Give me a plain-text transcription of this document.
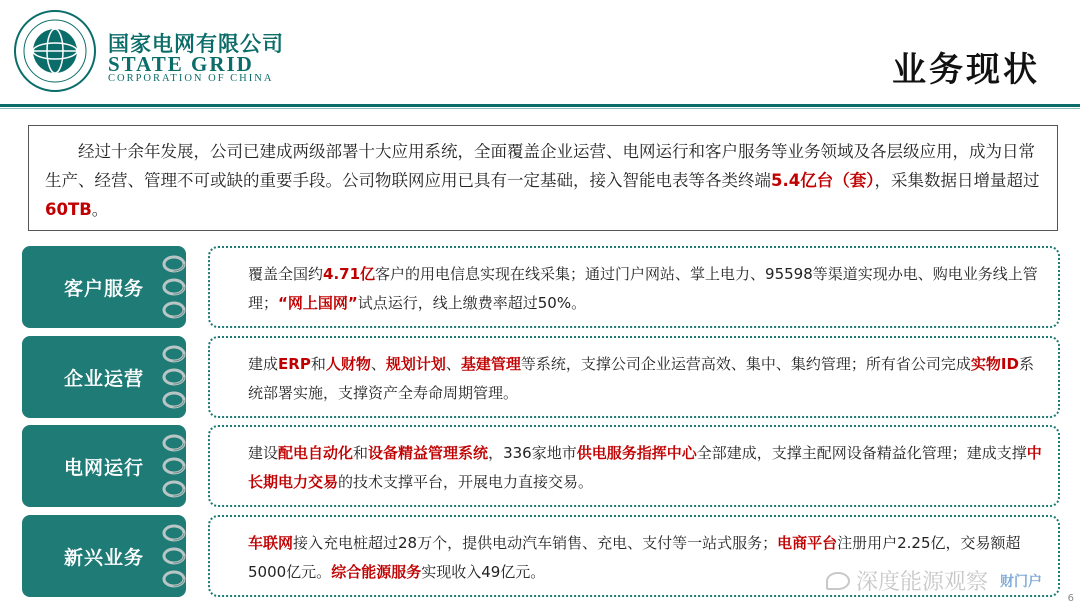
国家电网有限公司
STATE GRID
CORPORATION OF CHINA	业务现状
经过十余年发展，公司已建成两级部署十大应用系统，全面覆盖企业运营、电网运行和客户服务等业务领域及各层级应用，成为日常生产、经营、管理不可或缺的重要手段。公司物联网应用已具有一定基础，接入智能电表等各类终端5.4亿台（套），采集数据日增量超过60TB。
客户服务
覆盖全国约4.71亿客户的用电信息实现在线采集；通过门户网站、掌上电力、95598等渠道实现办电、购电业务线上管理；“网上国网”试点运行，线上缴费率超过50%。
企业运营
建成ERP和人财物、规划计划、基建管理等系统，支撑公司企业运营高效、集中、集约管理；所有省公司完成实物ID系统部署实施，支撑资产全寿命周期管理。
电网运行
建设配电自动化和设备精益管理系统，336家地市供电服务指挥中心全部建成，支撑主配网设备精益化管理；建成支撑中长期电力交易的技术支撑平台，开展电力直接交易。
新兴业务
车联网接入充电桩超过28万个，提供电动汽车销售、充电、支付等一站式服务；电商平台注册用户2.25亿，交易额超5000亿元。综合能源服务实现收入49亿元。	深度能源观察 财门户
6
